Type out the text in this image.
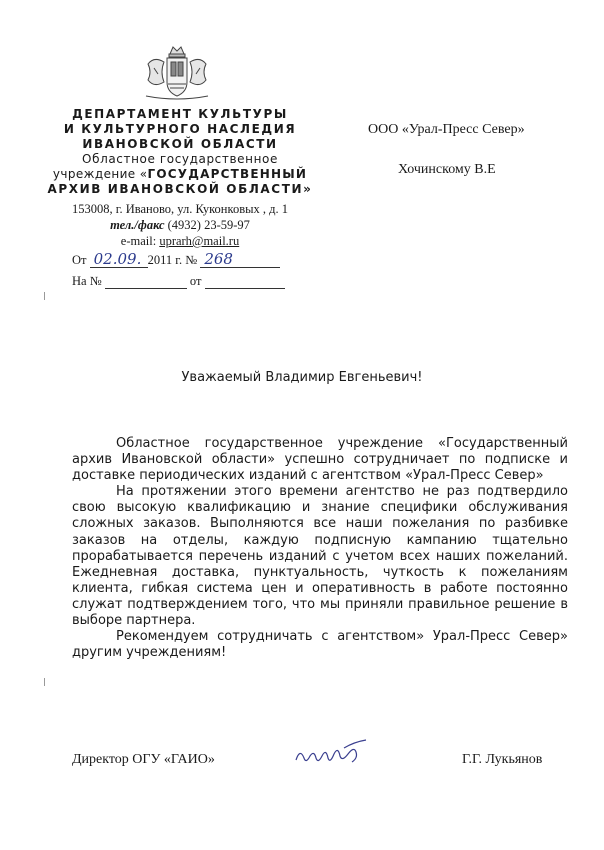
ДЕПАРТАМЕНТ КУЛЬТУРЫ
И КУЛЬТУРНОГО НАСЛЕДИЯ
ИВАНОВСКОЙ ОБЛАСТИ
Областное государственное
учреждение «ГОСУДАРСТВЕННЫЙ
АРХИВ ИВАНОВСКОЙ ОБЛАСТИ»
153008, г. Иваново, ул. Куконковых , д. 1
тел./факс (4932) 23-59-97
e-mail: uprarh@mail.ru
От 02.09. 2011 г. № 268
На №	от
ООО «Урал-Пресс Север»
Хочинскому В.Е
Уважаемый Владимир Евгеньевич!

Областное государственное учреждение «Государственный архив Ивановской области» успешно сотрудничает по подписке и доставке периодических изданий с агентством «Урал-Пресс Север»

На протяжении этого времени агентство не раз подтвердило свою высокую квалификацию и знание специфики обслуживания сложных заказов. Выполняются все наши пожелания по разбивке заказов на отделы, каждую подписную кампанию тщательно прорабатывается перечень изданий с учетом всех наших пожеланий. Ежедневная доставка, пунктуальность, чуткость к пожеланиям клиента, гибкая система цен и оперативность в работе постоянно служат подтверждением того, что мы приняли правильное решение в выборе партнера.

Рекомендуем сотрудничать с агентством» Урал-Пресс Север» другим учреждениям!

Директор ОГУ «ГАИО»	Г.Г. Лукьянов
